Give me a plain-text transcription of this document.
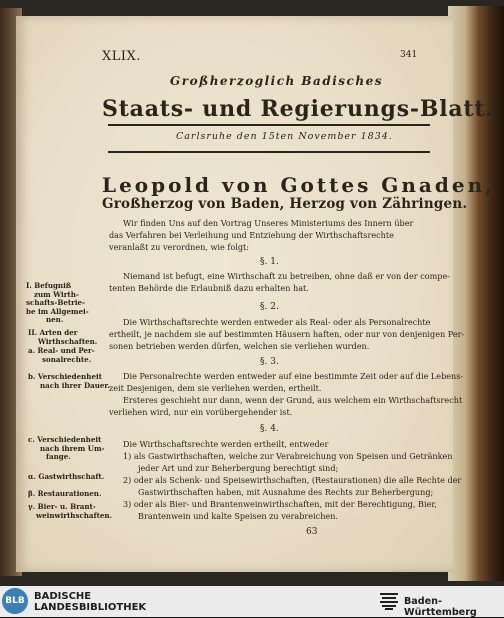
XLIX.	341
Großherzoglich Badisches
Staats- und Regierungs-Blatt.
Carlsruhe den 15ten November 1834.
Leopold von Gottes Gnaden,
Großherzog von Baden, Herzog von Zähringen.
Wir finden Uns auf den Vortrag Unseres Ministeriums des Innern über
das Verfahren bei Verleihung und Entziehung der Wirthschaftsrechte
veranlaßt zu verordnen, wie folgt:
§. 1.
Niemand ist befugt, eine Wirthschaft zu betreiben, ohne daß er von der compe-
tenten Behörde die Erlaubniß dazu erhalten hat.
§. 2.
Die Wirthschaftsrechte werden entweder als Real- oder als Personalrechte
ertheilt, je nachdem sie auf bestimmten Häusern haften, oder nur von denjenigen Per-
sonen betrieben werden dürfen, welchen sie verliehen wurden.
§. 3.
Die Personalrechte werden entweder auf eine bestimmte Zeit oder auf die Lebens-
zeit Desjenigen, dem sie verliehen werden, ertheilt.
Ersteres geschieht nur dann, wenn der Grund, aus welchem ein Wirthschaftsrecht
verliehen wird, nur ein vorübergehender ist.
§. 4.
Die Wirthschaftsrechte werden ertheilt, entweder
1) als Gastwirthschaften, welche zur Verabreichung von Speisen und Getränken
jeder Art und zur Beherbergung berechtigt sind;
2) oder als Schenk- und Speisewirthschaften, (Restaurationen) die alle Rechte der
Gastwirthschaften haben, mit Ausnahme des Rechts zur Beherbergung;
3) oder als Bier- und Brantenweinwirthschaften, mit der Berechtigung, Bier,
Brantenwein und kalte Speisen zu verabreichen.
63
I. Befugniß
zum Wirth-
schafts-Betrie-
be im Allgemei-
nen.
II. Arten der
Wirthschaften.
a. Real- und Per-
sonalrechte.
b. Verschiedenheit
nach ihrer Dauer.
c. Verschiedenheit
nach ihrem Um-
fange.
α. Gastwirthschaft.
β. Restaurationen.
γ. Bier- u. Brant-
weinwirthschaften.
BLB BADISCHE
LANDESBIBLIOTHEK
Baden-Württemberg
